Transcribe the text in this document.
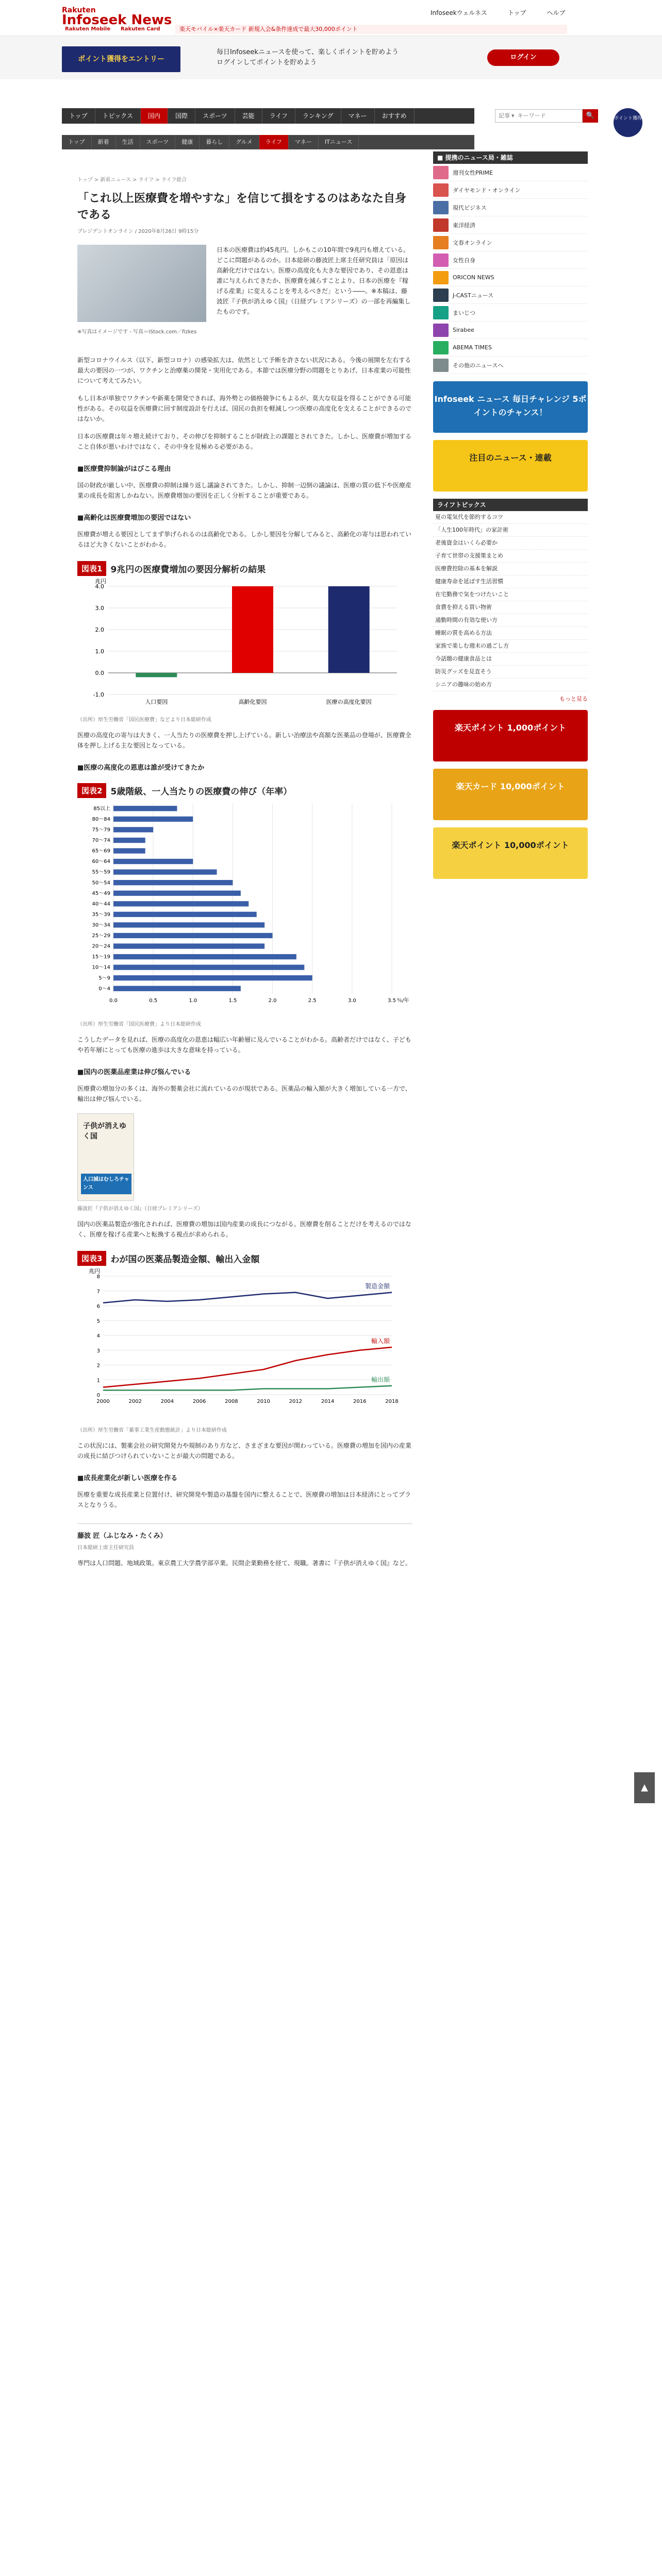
Rakuten
Infoseek News	Infoseekウェルネス	トップ	ヘルプ
Rakuten Mobile	Rakuten Card	楽天モバイル×楽天カード 新規入会&条件達成で最大30,000ポイント
ポイント獲得をエントリー
毎日Infoseekニュースを使って、楽しくポイントを貯めよう
ログインしてポイントを貯めよう
ログイン
トップ	トピックス	国内	国際	スポーツ	芸能	ライフ	ランキング	マネー	おすすめ
記事 ▾ キーワード	🔍
トップ	新着	生活	スポーツ	健康	暮らし	グルメ	ライフ	マネー	ITニュース
ポイント獲得
トップ > 新着ニュース > ライフ > ライフ総合
「これ以上医療費を増やすな」を信じて損をするのはあなた自身である
プレジデントオンライン / 2020年8月26日 9時15分
※写真はイメージです - 写真＝iStock.com／fizkes
日本の医療費は約45兆円。しかもこの10年間で9兆円も増えている。どこに問題があるのか。日本総研の藤波匠上席主任研究員は「原因は高齢化だけではない。医療の高度化も大きな要因であり、その恩恵は誰に与えられてきたか、医療費を減らすことより、日本の医療を『稼げる産業』に変えることを考えるべきだ」という――。※本稿は、藤波匠『子供が消えゆく国』（日経プレミアシリーズ）の一部を再編集したものです。

新型コロナウイルス（以下、新型コロナ）の感染拡大は、依然として予断を許さない状況にある。今後の展開を左右する最大の要因の一つが、ワクチンと治療薬の開発・実用化である。本節では医療分野の問題をとりあげ、日本産業の可能性について考えてみたい。

もし日本が単独でワクチンや新薬を開発できれば、海外勢との価格競争にもよるが、莫大な収益を得ることができる可能性がある。その収益を医療費に回す制度設計を行えば、国民の負担を軽減しつつ医療の高度化を支えることができるのではないか。

日本の医療費は年々増え続けており、その伸びを抑制することが財政上の課題とされてきた。しかし、医療費が増加すること自体が悪いわけではなく、その中身を見極める必要がある。

■医療費抑制論がはびこる理由

国の財政が厳しい中、医療費の抑制は繰り返し議論されてきた。しかし、抑制一辺倒の議論は、医療の質の低下や医療産業の成長を阻害しかねない。医療費増加の要因を正しく分析することが重要である。

■高齢化は医療費増加の要因ではない

医療費が増える要因としてまず挙げられるのは高齢化である。しかし要因を分解してみると、高齢化の寄与は思われているほど大きくないことがわかる。

図表1 9兆円の医療費増加の要因分解析の結果
-1.0
0.0
1.0
2.0
3.0
4.0
兆円
人口要因	高齢化要因	医療の高度化要因
（出所）厚生労働省「国民医療費」などより日本総研作成

医療の高度化の寄与は大きく、一人当たりの医療費を押し上げている。新しい治療法や高額な医薬品の登場が、医療費全体を押し上げる主な要因となっている。

■医療の高度化の恩恵は誰が受けてきたか
図表2 5歳階級、一人当たりの医療費の伸び（年率）
0.0	0.5	1.0	1.5	2.0	2.5	3.0	3.5 ％/年
85以上
80～84
75～79
70～74
65～69
60～64
55～59
50～54
45～49
40～44
35～39
30～34
25～29
20～24
15～19
10～14
5～9
0～4
（出所）厚生労働省「国民医療費」より日本総研作成

こうしたデータを見れば、医療の高度化の恩恵は幅広い年齢層に及んでいることがわかる。高齢者だけではなく、子どもや若年層にとっても医療の進歩は大きな意味を持っている。

■国内の医薬品産業は伸び悩んでいる

医療費の増加分の多くは、海外の製薬会社に流れているのが現状である。医薬品の輸入額が大きく増加している一方で、輸出は伸び悩んでいる。

子供が消えゆく国
人口減はむしろチャンス
藤波匠『子供が消えゆく国』（日経プレミアシリーズ）

国内の医薬品製造が強化されれば、医療費の増加は国内産業の成長につながる。医療費を削ることだけを考えるのではなく、医療を稼げる産業へと転換する視点が求められる。

図表3 わが国の医薬品製造金額、輸出入金額
0
1
2
3
4
5
6
7
8
兆円
2000	2002	2004	2006	2008	2010	2012	2014	2016	2018
製造金額
輸入額
輸出額
（出所）厚生労働省「薬事工業生産動態統計」より日本総研作成

この状況には、製薬会社の研究開発力や規制のあり方など、さまざまな要因が関わっている。医療費の増加を国内の産業の成長に結びつけられていないことが最大の問題である。

■成長産業化が新しい医療を作る

医療を重要な成長産業と位置付け、研究開発や製造の基盤を国内に整えることで、医療費の増加は日本経済にとってプラスとなりうる。

藤波 匠（ふじなみ・たくみ）
日本総研上席主任研究員

専門は人口問題、地域政策。東京農工大学農学部卒業。民間企業勤務を経て、現職。著書に『子供が消えゆく国』など。

■ 提携のニュース局・雑誌
週刊女性PRIME
ダイヤモンド・オンライン
現代ビジネス
東洋経済
文春オンライン
女性自身
ORICON NEWS
J-CASTニュース
まいじつ
Sirabee
ABEMA TIMES
その他のニュースへ
Infoseek ニュース 毎日チャレンジ 5ポイントのチャンス！
注目のニュース・連載
ライフトピックス
夏の電気代を節約するコツ
「人生100年時代」の家計術
老後資金はいくら必要か
子育て世帯の支援策まとめ
医療費控除の基本を解説
健康寿命を延ばす生活習慣
在宅勤務で気をつけたいこと
食費を抑える買い物術
通勤時間の有効な使い方
睡眠の質を高める方法
家族で楽しむ週末の過ごし方
今話題の健康食品とは
防災グッズを見直そう
シニアの趣味の始め方
もっと見る
楽天ポイント 1,000ポイント
楽天カード 10,000ポイント
楽天ポイント 10,000ポイント
▲
